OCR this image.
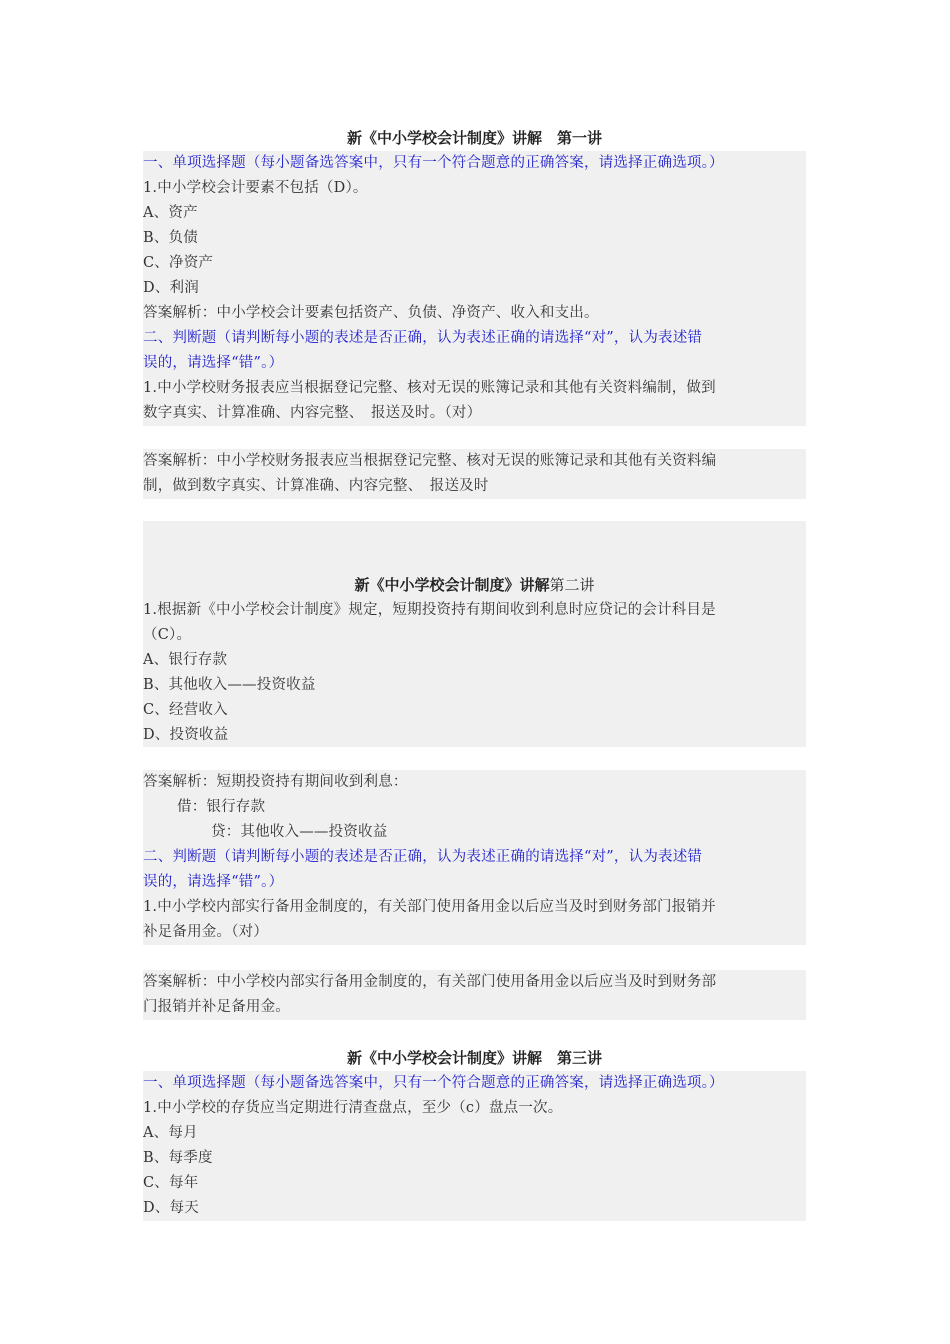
新《中小学校会计制度》讲解　第一讲
一、单项选择题（每小题备选答案中，只有一个符合题意的正确答案，请选择正确选项。）
1.中小学校会计要素不包括（D）。
A、资产
B、负债
C、净资产
D、利润
答案解析：中小学校会计要素包括资产、负债、净资产、收入和支出。
二、判断题（请判断每小题的表述是否正确，认为表述正确的请选择“对”，认为表述错
误的，请选择“错”。）
1.中小学校财务报表应当根据登记完整、核对无误的账簿记录和其他有关资料编制，做到
数字真实、计算准确、内容完整、　报送及时。（对）
答案解析：中小学校财务报表应当根据登记完整、核对无误的账簿记录和其他有关资料编
制，做到数字真实、计算准确、内容完整、　报送及时
新《中小学校会计制度》讲解第二讲
1.根据新《中小学校会计制度》规定，短期投资持有期间收到利息时应贷记的会计科目是
（C）。
A、银行存款
B、其他收入——投资收益
C、经营收入
D、投资收益
答案解析：短期投资持有期间收到利息：
借：银行存款
贷：其他收入——投资收益
二、判断题（请判断每小题的表述是否正确，认为表述正确的请选择“对”，认为表述错
误的，请选择“错”。）
1.中小学校内部实行备用金制度的，有关部门使用备用金以后应当及时到财务部门报销并
补足备用金。（对）
答案解析：中小学校内部实行备用金制度的，有关部门使用备用金以后应当及时到财务部
门报销并补足备用金。
新《中小学校会计制度》讲解　第三讲
一、单项选择题（每小题备选答案中，只有一个符合题意的正确答案，请选择正确选项。）
1.中小学校的存货应当定期进行清查盘点，至少（c）盘点一次。
A、每月
B、每季度
C、每年
D、每天
